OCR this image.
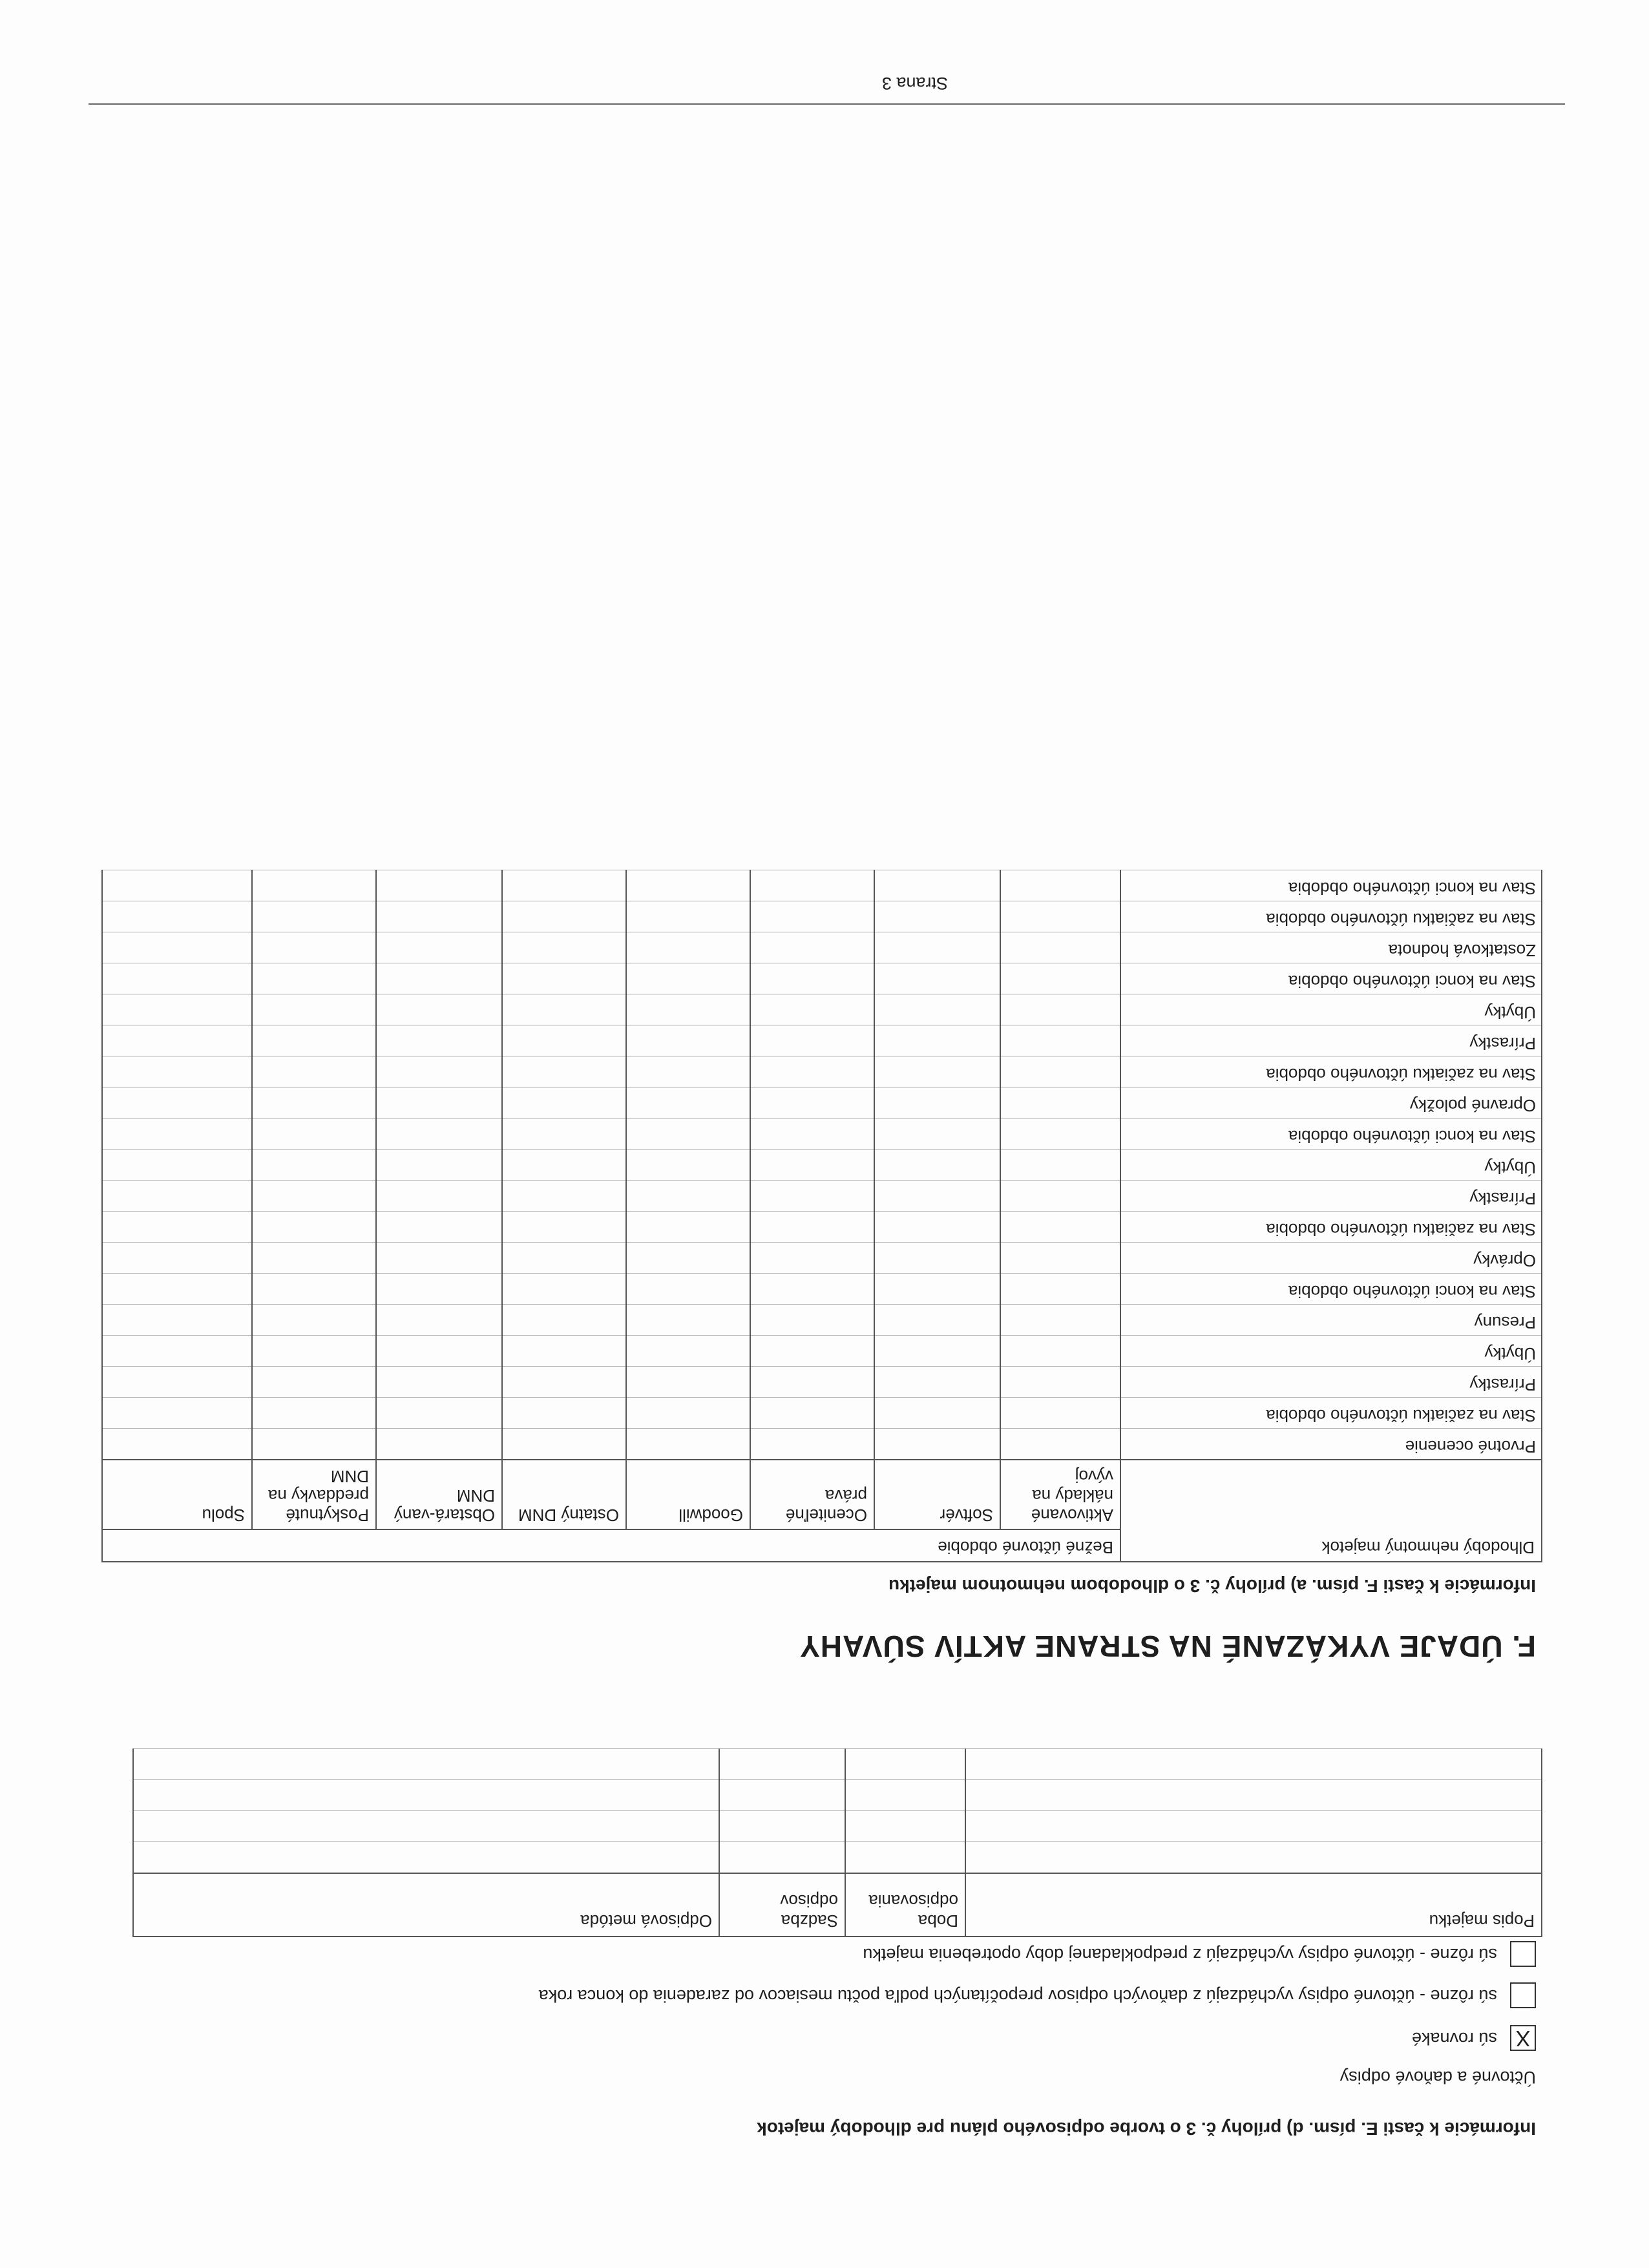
Informácie k časti E. písm. d) prílohy č. 3 o tvorbe odpisového plánu pre dlhodobý majetok
Účtovné a daňové odpisy
X
sú rovnaké
sú rôzne - účtovné odpisy vychádzajú z daňových odpisov prepočítaných podľa počtu mesiacov od zaradenia do konca roka
sú rôzne - účtovné odpisy vychádzajú z predpokladanej doby opotrebenia majetku
Popis majetku	Doba odpisovania	Sadzba odpisov	Odpisová metóda

F. ÚDAJE VYKÁZANÉ NA STRANE AKTÍV SÚVAHY
Informácie k časti F. písm. a) prílohy č. 3 o dlhodobom nehmotnom majetku
Dlhodobý nehmotný majetok	Bežné účtovné obdobie							
	Aktivované náklady na vývoj	Softvér	Oceniteľné práva	Goodwill	Ostatný DNM	Obstará-vaný DNM	Poskytnuté preddavky na DNM	Spolu
Prvotné ocenenie								
Stav na začiatku účtovného obdobia								
Prírastky								
Úbytky								
Presuny								
Stav na konci účtovného obdobia								
Oprávky								
Stav na začiatku účtovného obdobia								
Prírastky								
Úbytky								
Stav na konci účtovného obdobia								
Opravné položky								
Stav na začiatku účtovného obdobia								
Prírastky								
Úbytky								
Stav na konci účtovného obdobia								
Zostatková hodnota								
Stav na začiatku účtovného obdobia								
Stav na konci účtovného obdobia								
Strana 3
